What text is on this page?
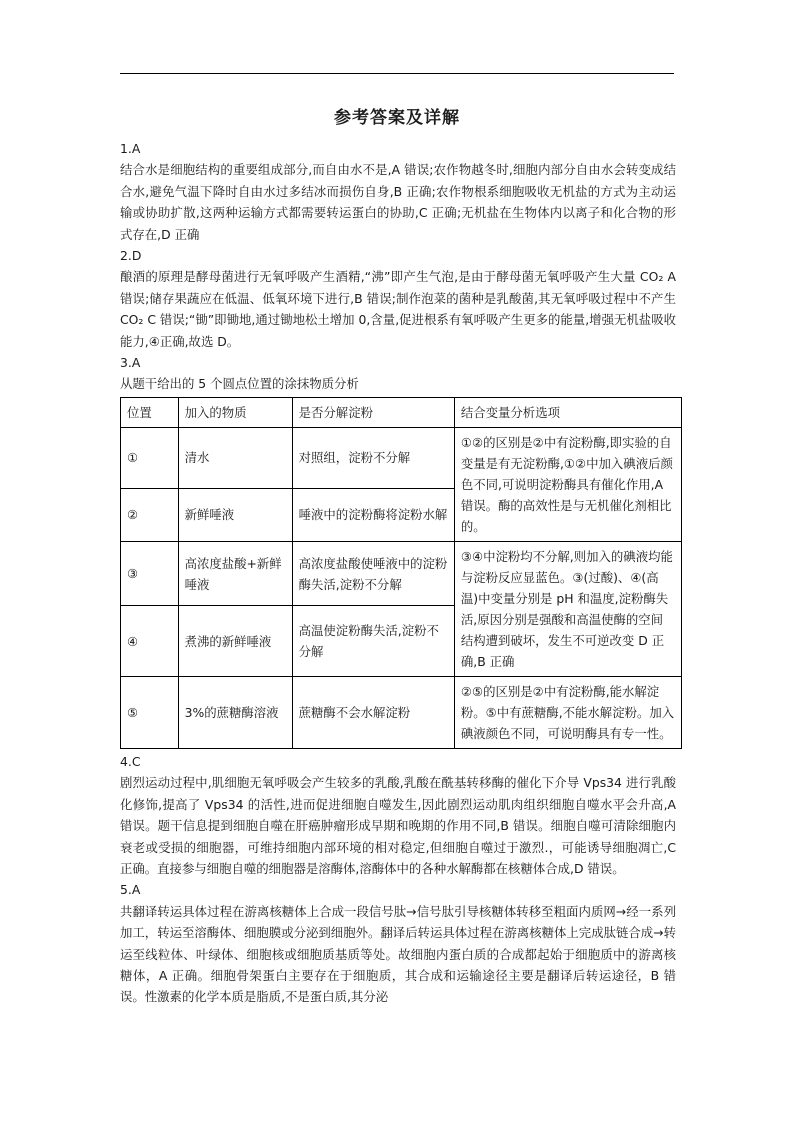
参考答案及详解
1.A

结合水是细胞结构的重要组成部分,而自由水不是,A 错误;农作物越冬时,细胞内部分自由水会转变成结合水,避免气温下降时自由水过多结冰而损伤自身,B 正确;农作物根系细胞吸收无机盐的方式为主动运输或协助扩散,这两种运输方式都需要转运蛋白的协助,C 正确;无机盐在生物体内以离子和化合物的形式存在,D 正确

2.D

酿酒的原理是酵母菌进行无氧呼吸产生酒精,“沸”即产生气泡,是由于酵母菌无氧呼吸产生大量 CO₂ A 错误;储存果蔬应在低温、低氧环境下进行,B 错误;制作泡菜的菌种是乳酸菌,其无氧呼吸过程中不产生 CO₂ C 错误;“锄”即锄地,通过锄地松土增加 0,含量,促进根系有氧呼吸产生更多的能量,增强无机盐吸收能力,④正确,故选 D。

3.A

从题干给出的 5 个圆点位置的涂抹物质分析

位置	加入的物质	是否分解淀粉	结合变量分析选项
①	清水	对照组，淀粉不分解	①②的区别是②中有淀粉酶,即实验的自变量是有无淀粉酶,①②中加入碘液后颜色不同,可说明淀粉酶具有催化作用,A 错误。酶的高效性是与无机催化剂相比的。
②	新鲜唾液	唾液中的淀粉酶将淀粉水解	
③	高浓度盐酸+新鲜唾液	高浓度盐酸使唾液中的淀粉酶失活,淀粉不分解	③④中淀粉均不分解,则加入的碘液均能与淀粉反应显蓝色。③(过酸)、④(高温)中变量分别是 pH 和温度,淀粉酶失活,原因分别是强酸和高温使酶的空间结构遭到破坏，发生不可逆改变 D 正确,B 正确
④	煮沸的新鲜唾液	高温使淀粉酶失活,淀粉不分解	
⑤	3%的蔗糖酶溶液	蔗糖酶不会水解淀粉	②⑤的区别是②中有淀粉酶,能水解淀粉。⑤中有蔗糖酶,不能水解淀粉。加入碘液颜色不同，可说明酶具有专一性。
4.C

剧烈运动过程中,肌细胞无氧呼吸会产生较多的乳酸,乳酸在酰基转移酶的催化下介导 Vps34 进行乳酸化修饰,提高了 Vps34 的活性,进而促进细胞自噬发生,因此剧烈运动肌肉组织细胞自噬水平会升高,A 错误。题干信息提到细胞自噬在肝癌肿瘤形成早期和晚期的作用不同,B 错误。细胞自噬可清除细胞内衰老或受损的细胞器，可维持细胞内部环境的相对稳定,但细胞自噬过于激烈.，可能诱导细胞凋亡,C 正确。直接参与细胞自噬的细胞器是溶酶体,溶酶体中的各种水解酶都在核糖体合成,D 错误。

5.A

共翻译转运具体过程在游离核糖体上合成一段信号肽→信号肽引导核糖体转移至粗面内质网→经一系列加工，转运至溶酶体、细胞膜或分泌到细胞外。翻译后转运具体过程在游离核糖体上完成肽链合成→转运至线粒体、叶绿体、细胞核或细胞质基质等处。故细胞内蛋白质的合成都起始于细胞质中的游离核糖体，A 正确。细胞骨架蛋白主要存在于细胞质，其合成和运输途径主要是翻译后转运途径，B 错误。性激素的化学本质是脂质,不是蛋白质,其分泌
